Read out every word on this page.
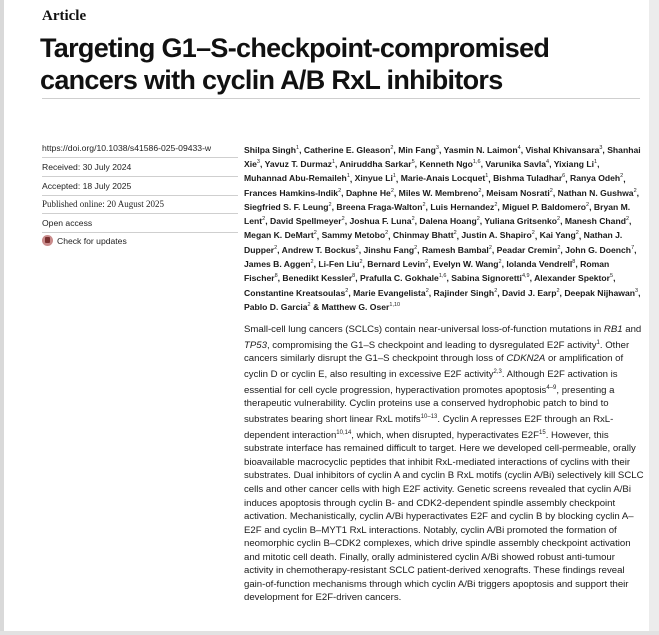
Article
Targeting G1–S-checkpoint-compromised cancers with cyclin A/B RxL inhibitors
https://doi.org/10.1038/s41586-025-09433-w
Received: 30 July 2024
Accepted: 18 July 2025
Published online: 20 August 2025
Open access
Check for updates
Shilpa Singh$^1$, Catherine E. Gleason$^2$, Min Fang$^3$, Yasmin N. Laimon$^4$, Vishal Khivansara$^3$, Shanhai Xie$^3$, Yavuz T. Durmaz$^1$, Aniruddha Sarkar$^5$, Kenneth Ngo$^{1,6}$, Varunika Savla$^4$, Yixiang Li$^1$, Muhannad Abu-Remaileh$^1$, Xinyue Li$^1$, Marie-Anais Locquet$^1$, Bishma Tuladhar$^6$, Ranya Odeh$^2$, Frances Hamkins-Indik$^2$, Daphne He$^2$, Miles W. Membreno$^2$, Meisam Nosrati$^2$, Nathan N. Gushwa$^2$, Siegfried S. F. Leung$^2$, Breena Fraga-Walton$^2$, Luis Hernandez$^2$, Miguel P. Baldomero$^2$, Bryan M. Lent$^2$, David Spellmeyer$^2$, Joshua F. Luna$^2$, Dalena Hoang$^2$, Yuliana Gritsenko$^2$, Manesh Chand$^2$, Megan K. DeMart$^2$, Sammy Metobo$^2$, Chinmay Bhatt$^2$, Justin A. Shapiro$^2$, Kai Yang$^2$, Nathan J. Dupper$^2$, Andrew T. Bockus$^2$, Jinshu Fang$^2$, Ramesh Bambal$^2$, Peadar Cremin$^2$, John G. Doench$^7$, James B. Aggen$^2$, Li-Fen Liu$^2$, Bernard Levin$^2$, Evelyn W. Wang$^2$, Iolanda Vendrell$^8$, Roman Fischer$^8$, Benedikt Kessler$^8$, Prafulla C. Gokhale$^{1,6}$, Sabina Signoretti$^{4,9}$, Alexander Spektor$^5$, Constantine Kreatsoulas$^2$, Marie Evangelista$^2$, Rajinder Singh$^2$, David J. Earp$^2$, Deepak Nijhawan$^3$, Pablo D. Garcia$^2$ & Matthew G. Oser$^{1,10}$
Small-cell lung cancers (SCLCs) contain near-universal loss-of-function mutations in RB1 and TP53, compromising the G1–S checkpoint and leading to dysregulated E2F activity$^1$. Other cancers similarly disrupt the G1–S checkpoint through loss of CDKN2A or amplification of cyclin D or cyclin E, also resulting in excessive E2F activity$^{2,3}$. Although E2F activation is essential for cell cycle progression, hyperactivation promotes apoptosis$^{4-9}$, presenting a therapeutic vulnerability. Cyclin proteins use a conserved hydrophobic patch to bind to substrates bearing short linear RxL motifs$^{10-13}$. Cyclin A represses E2F through an RxL-dependent interaction$^{10,14}$, which, when disrupted, hyperactivates $E2F^{15}$. However, this substrate interface has remained difficult to target. Here we developed cell-permeable, orally bioavailable macrocyclic peptides that inhibit RxL-mediated interactions of cyclins with their substrates. Dual inhibitors of cyclin A and cyclin B RxL motifs (cyclin A/Bi) selectively kill SCLC cells and other cancer cells with high E2F activity. Genetic screens revealed that cyclin A/Bi induces apoptosis through cyclin B- and CDK2-dependent spindle assembly checkpoint activation. Mechanistically, cyclin A/Bi hyperactivates E2F and cyclin B by blocking cyclin A–E2F and cyclin B–MYT1 RxL interactions. Notably, cyclin A/Bi promoted the formation of neomorphic cyclin B–CDK2 complexes, which drive spindle assembly checkpoint activation and mitotic cell death. Finally, orally administered cyclin A/Bi showed robust anti-tumour activity in chemotherapy-resistant SCLC patient-derived xenografts. These findings reveal gain-of-function mechanisms through which cyclin A/Bi triggers apoptosis and support their development for E2F-driven cancers.
